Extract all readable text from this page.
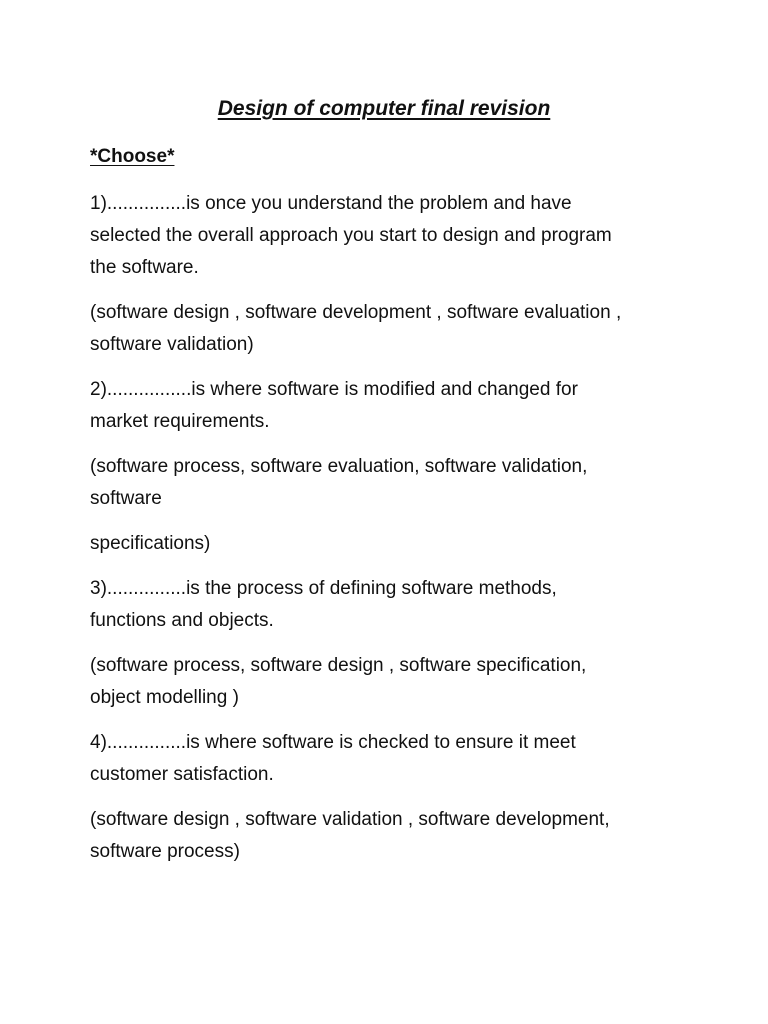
Design of computer final revision
*Choose*
1)...............is once you understand the problem and have
selected the overall approach you start to design and program
the software.
(software design , software development , software evaluation ,
software validation)
2)................is where software is modified and changed for
market requirements.
(software process, software evaluation, software validation,
software
specifications)
3)...............is the process of defining software methods,
functions and objects.
(software process, software design , software specification,
object modelling )
4)...............is where software is checked to ensure it meet
customer satisfaction.
(software design , software validation , software development,
software process)
